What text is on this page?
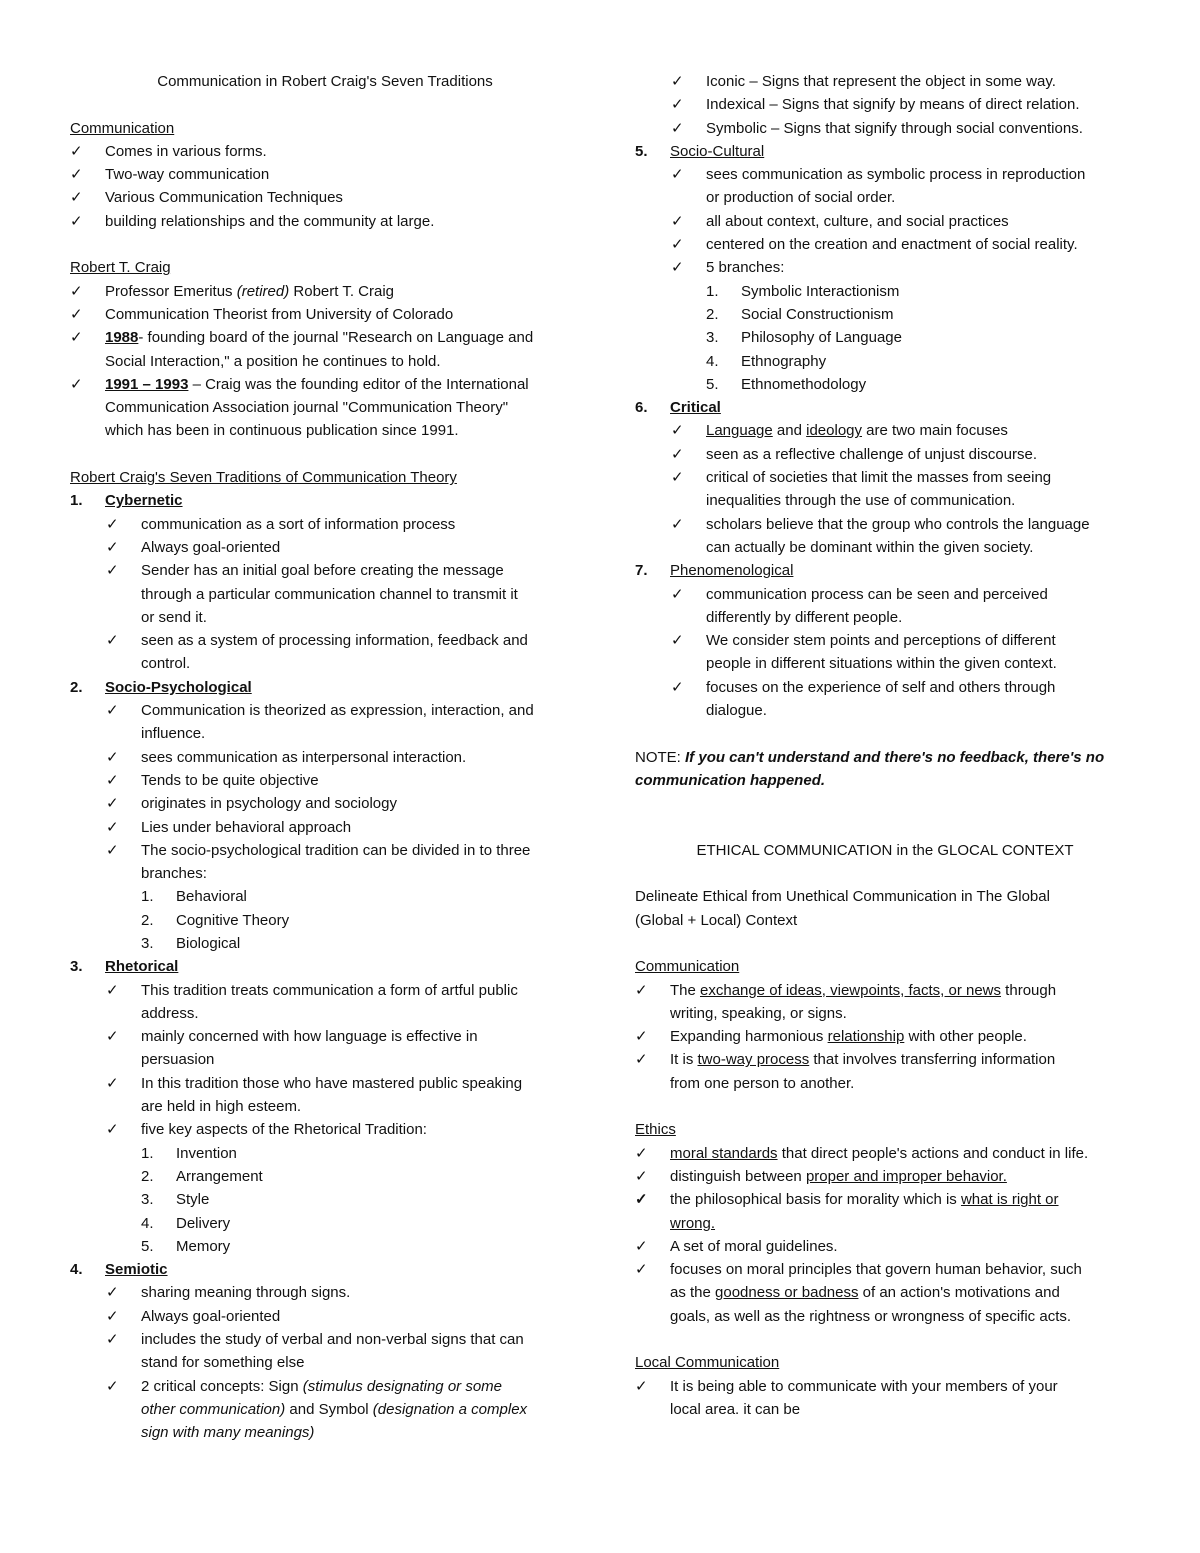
Communication in Robert Craig's Seven Traditions
Communication
✓ Comes in various forms.
✓ Two-way communication
✓ Various Communication Techniques
✓ building relationships and the community at large.
Robert T. Craig
✓ Professor Emeritus (retired) Robert T. Craig
✓ Communication Theorist from University of Colorado
✓ 1988- founding board of the journal "Research on Language and
Social Interaction," a position he continues to hold.
✓ 1991 – 1993 – Craig was the founding editor of the International
Communication Association journal "Communication Theory"
which has been in continuous publication since 1991.
Robert Craig's Seven Traditions of Communication Theory
1. Cybernetic
✓ communication as a sort of information process
✓ Always goal-oriented
✓ Sender has an initial goal before creating the message
through a particular communication channel to transmit it
or send it.
✓ seen as a system of processing information, feedback and
control.
2. Socio-Psychological
✓ Communication is theorized as expression, interaction, and
influence.
✓ sees communication as interpersonal interaction.
✓ Tends to be quite objective
✓ originates in psychology and sociology
✓ Lies under behavioral approach
✓ The socio-psychological tradition can be divided in to three
branches:
1. Behavioral
2. Cognitive Theory
3. Biological
3. Rhetorical
✓ This tradition treats communication a form of artful public
address.
✓ mainly concerned with how language is effective in
persuasion
✓ In this tradition those who have mastered public speaking
are held in high esteem.
✓ five key aspects of the Rhetorical Tradition:
1. Invention
2. Arrangement
3. Style
4. Delivery
5. Memory
4. Semiotic
✓ sharing meaning through signs.
✓ Always goal-oriented
✓ includes the study of verbal and non-verbal signs that can
stand for something else
✓ 2 critical concepts: Sign (stimulus designating or some
other communication) and Symbol (designation a complex
sign with many meanings)
✓ Iconic – Signs that represent the object in some way.
✓ Indexical – Signs that signify by means of direct relation.
✓ Symbolic – Signs that signify through social conventions.
5. Socio-Cultural
✓ sees communication as symbolic process in reproduction
or production of social order.
✓ all about context, culture, and social practices
✓ centered on the creation and enactment of social reality.
✓ 5 branches:
1. Symbolic Interactionism
2. Social Constructionism
3. Philosophy of Language
4. Ethnography
5. Ethnomethodology
6. Critical
✓ Language and ideology are two main focuses
✓ seen as a reflective challenge of unjust discourse.
✓ critical of societies that limit the masses from seeing
inequalities through the use of communication.
✓ scholars believe that the group who controls the language
can actually be dominant within the given society.
7. Phenomenological
✓ communication process can be seen and perceived
differently by different people.
✓ We consider stem points and perceptions of different
people in different situations within the given context.
✓ focuses on the experience of self and others through
dialogue.
NOTE: If you can't understand and there's no feedback, there's no
communication happened.
ETHICAL COMMUNICATION in the GLOCAL CONTEXT
Delineate Ethical from Unethical Communication in The Global
(Global + Local) Context
Communication
✓ The exchange of ideas, viewpoints, facts, or news through
writing, speaking, or signs.
✓ Expanding harmonious relationship with other people.
✓ It is two-way process that involves transferring information
from one person to another.
Ethics
✓ moral standards that direct people's actions and conduct in life.
✓ distinguish between proper and improper behavior.
✓ the philosophical basis for morality which is what is right or
wrong.
✓ A set of moral guidelines.
✓ focuses on moral principles that govern human behavior, such
as the goodness or badness of an action's motivations and
goals, as well as the rightness or wrongness of specific acts.
Local Communication
✓ It is being able to communicate with your members of your
local area. it can be
